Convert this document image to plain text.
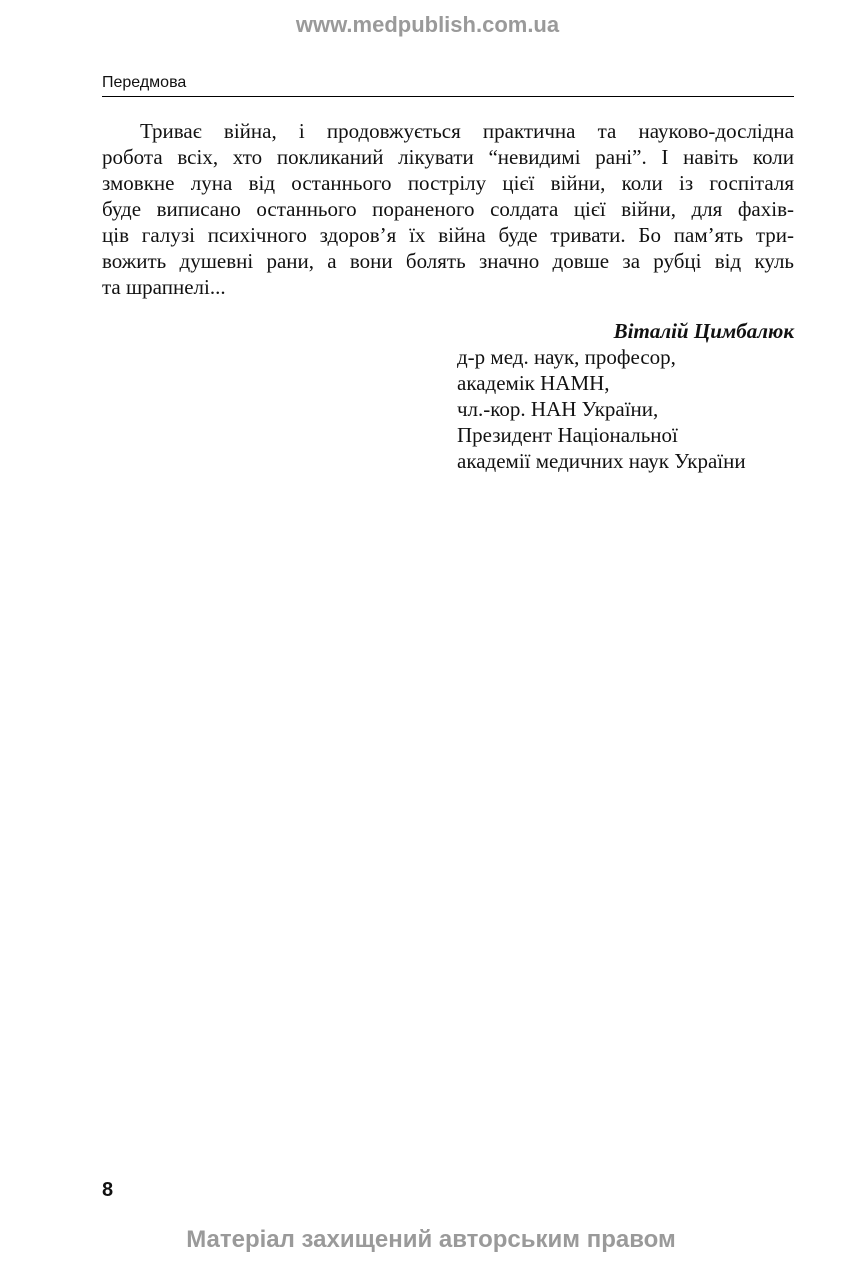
www.medpublish.com.ua
Передмова
Триває війна, і продовжується практична та науково-дослідна
робота всіх, хто покликаний лікувати “невидимі рані”. І навіть коли
змовкне луна від останнього пострілу цієї війни, коли із госпіталя
буде виписано останнього пораненого солдата цієї війни, для фахів-
ців галузі психічного здоров’я їх війна буде тривати. Бо пам’ять три-
вожить душевні рани, а вони болять значно довше за рубці від куль
та шрапнелі...
Віталій Цимбалюк
д-р мед. наук, професор,
академік НАМН,
чл.-кор. НАН України,
Президент Національної
академії медичних наук України
8
Матеріал захищений авторським правом
